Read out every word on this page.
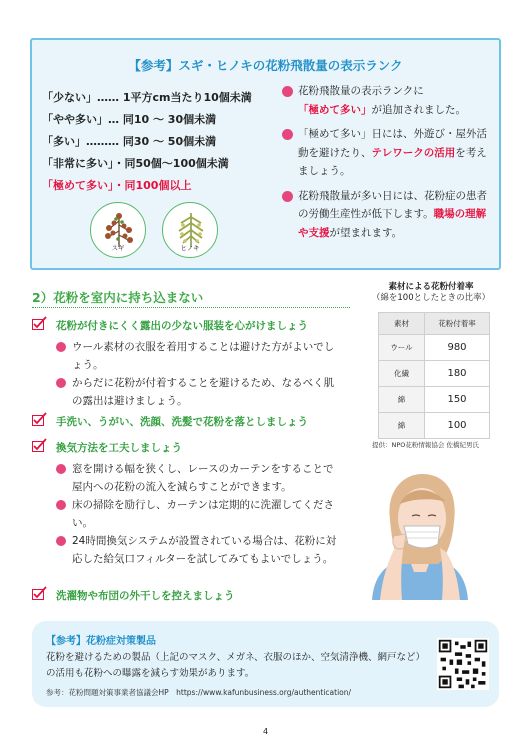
【参考】スギ・ヒノキの花粉飛散量の表示ランク
「少ない」…… 1平方cm当たり10個未満
「やや多い」… 同10 ～ 30個未満
「多い」……… 同30 ～ 50個未満
「非常に多い」・同50個～100個未満
「極めて多い」・同100個以上
スギ	ヒノキ
花粉飛散量の表示ランクに「極めて多い」が追加されました。
「極めて多い」日には、外遊び・屋外活動を避けたり、テレワークの活用を考えましょう。
花粉飛散量が多い日には、花粉症の患者の労働生産性が低下します。職場の理解や支援が望まれます。
2）花粉を室内に持ち込まない
花粉が付きにくく露出の少ない服装を心がけましょう
ウール素材の衣服を着用することは避けた方がよいでしょう。
からだに花粉が付着することを避けるため、なるべく肌の露出は避けましょう。
手洗い、うがい、洗顔、洗髪で花粉を落としましょう
換気方法を工夫しましょう
窓を開ける幅を狭くし、レースのカーテンをすることで屋内への花粉の流入を減らすことができます。
床の掃除を励行し、カーテンは定期的に洗濯してください。
24時間換気システムが設置されている場合は、花粉に対応した給気口フィルターを試してみてもよいでしょう。
洗濯物や布団の外干しを控えましょう
素材による花粉付着率
（綿を100としたときの比率）
素材	花粉付着率
ウール	980
化繊	180
綿	150
綿	100
提供：NPO花粉情報協会 佐橋紀男氏
【参考】花粉症対策製品
花粉を避けるための製品（上記のマスク、メガネ、衣服のほか、空気清浄機、網戸など）の活用も花粉への曝露を減らす効果があります。
参考：花粉問題対策事業者協議会HP　https://www.kafunbusiness.org/authentication/
4
